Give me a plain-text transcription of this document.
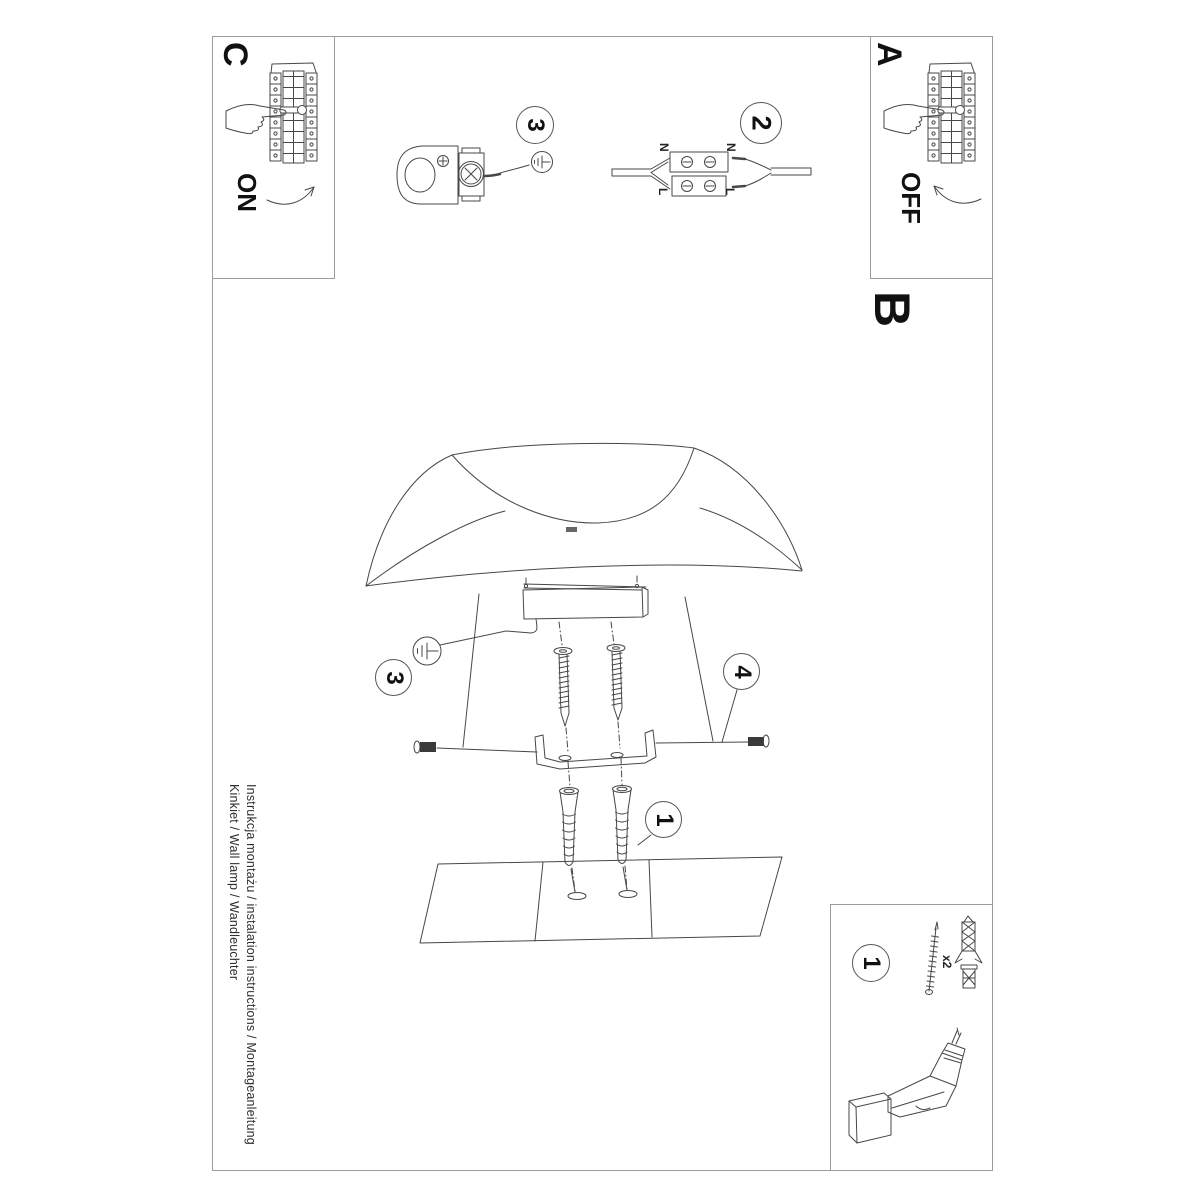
C
ON
A
OFF
B
3	2
3	4
1
1
N	N
L	L
x2
Instrukcja montażu / instalation instructions / Montageanleitung
Kinkiet / Wall lamp / Wandleuchter
